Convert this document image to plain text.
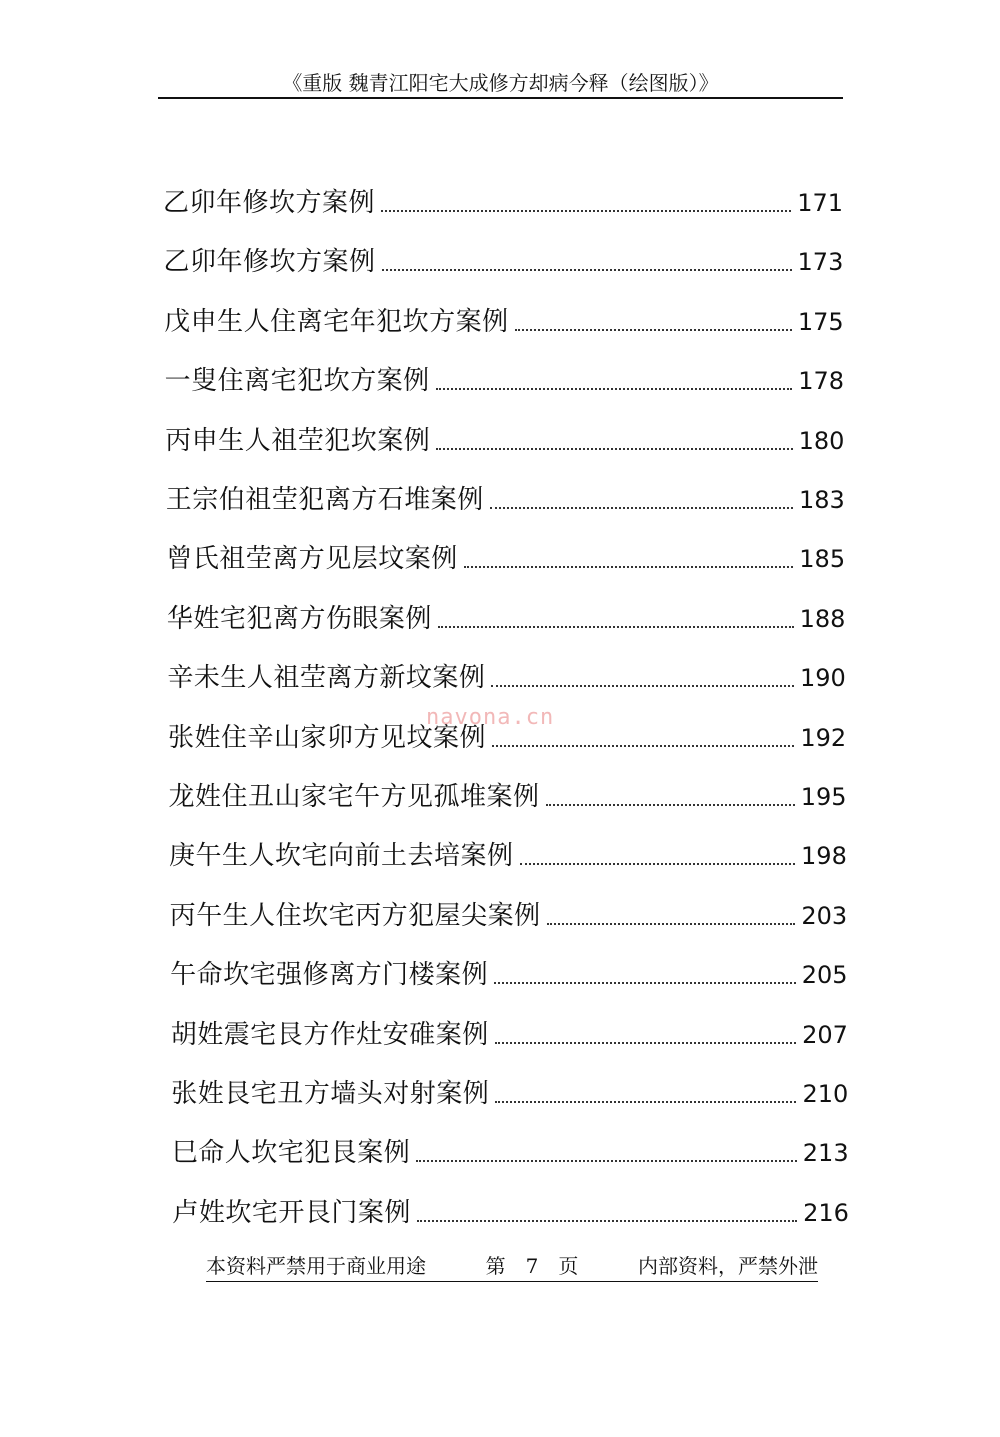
《重版 魏青江阳宅大成修方却病今释（绘图版）》
乙卯年修坎方案例	171
乙卯年修坎方案例	173
戊申生人住离宅年犯坎方案例	175
一叟住离宅犯坎方案例	178
丙申生人祖茔犯坎案例	180
王宗伯祖茔犯离方石堆案例	183
曾氏祖茔离方见层坟案例	185
华姓宅犯离方伤眼案例	188
辛未生人祖茔离方新坟案例	190
张姓住辛山家卯方见坟案例	192
龙姓住丑山家宅午方见孤堆案例	195
庚午生人坎宅向前土去培案例	198
丙午生人住坎宅丙方犯屋尖案例	203
午命坎宅强修离方门楼案例	205
胡姓震宅艮方作灶安碓案例	207
张姓艮宅丑方墙头对射案例	210
巳命人坎宅犯艮案例	213
卢姓坎宅开艮门案例	216
navona.cn
本资料严禁用于商业用途	第　7　页	内部资料，严禁外泄
